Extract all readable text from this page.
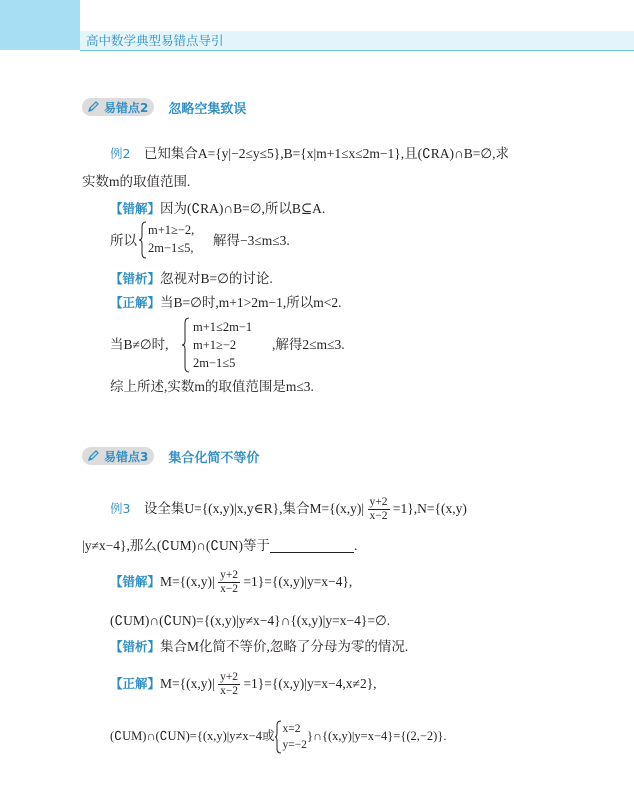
高中数学典型易错点导引
易错点2 忽略空集致误
例2 已知集合A={y|−2≤y≤5},B={x|m+1≤x≤2m−1},且(∁RA)∩B=∅,求
实数m的取值范围.
【错解】因为(∁RA)∩B=∅,所以B⊆A.
所以
m+1≥−2,
2m−1≤5, 解得−3≤m≤3.
【错析】忽视对B=∅的讨论.
【正解】当B=∅时,m+1>2m−1,所以m<2.
当B≠∅时,
m+1≤2m−1
m+1≥−2
2m−1≤5
,解得2≤m≤3.
综上所述,实数m的取值范围是m≤3.
易错点3 集合化简不等价
例3 设全集U={(x,y)|x,y∈R},集合$M=\{(x,y)| \frac{y+2}{x-2} =1\},N=\{(x,y)$
|y≠x−4},那么(∁UM)∩(∁UN)等于	.
【错解】$M=\{(x,y)| \frac{y+2}{x-2} =1\}=\{(x,y)|y=x-4\}$,
(∁UM)∩(∁UN)={(x,y)|y≠x−4}∩{(x,y)|y=x−4}=∅.
【错析】集合M化简不等价,忽略了分母为零的情况.
【正解】$M=\{(x,y)| \frac{y+2}{x-2} =1\}=\{(x,y)|y=x-4,x\ne 2\}$,
(∁UM)∩(∁UN)={(x,y)|y≠x−4或 x=2
y=−2
}∩{(x,y)|y=x−4}={(2,−2)}.
